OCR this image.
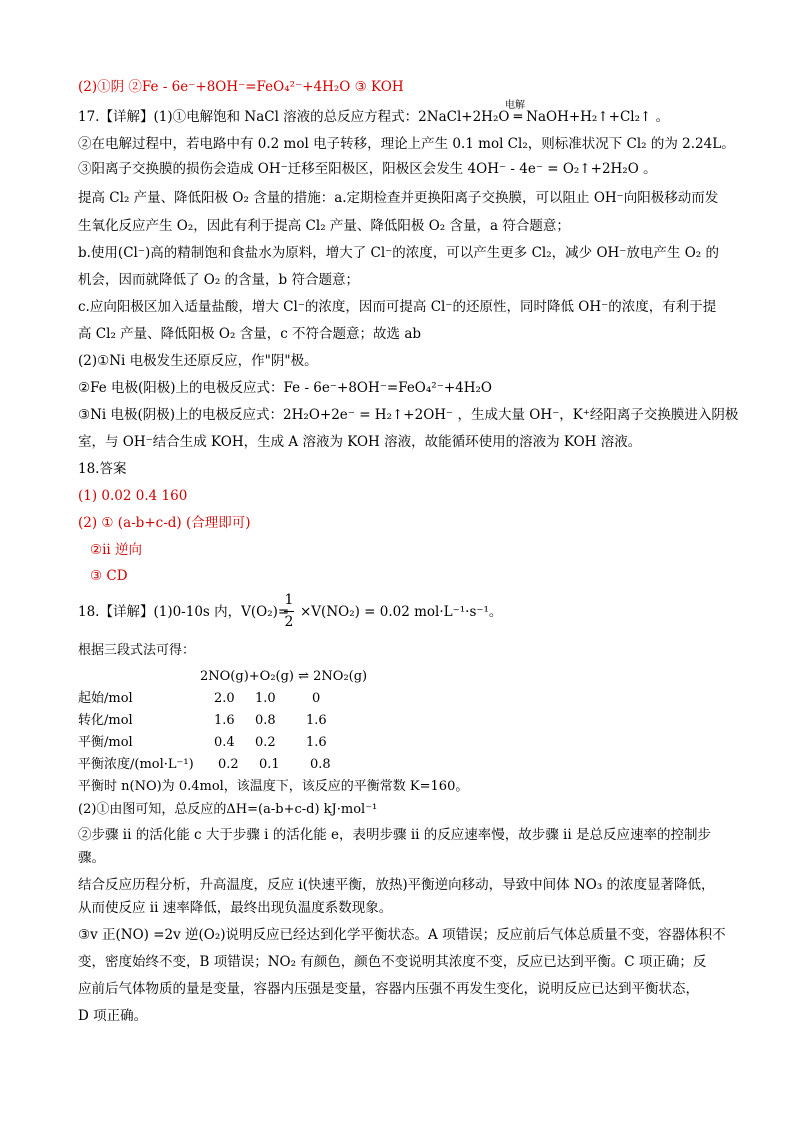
(2)①阴 ②Fe - 6e⁻+8OH⁻=FeO₄²⁻+4H₂O ③ KOH
17.【详解】(1)①电解饱和 NaCl 溶液的总反应方程式：2NaCl+2H₂O ═ NaOH+H₂↑+Cl₂↑ 。
电解
②在电解过程中，若电路中有 0.2 mol 电子转移，理论上产生 0.1 mol Cl₂，则标准状况下 Cl₂ 的为 2.24L。
③阳离子交换膜的损伤会造成 OH⁻迁移至阳极区，阳极区会发生 4OH⁻ - 4e⁻ = O₂↑+2H₂O 。
提高 Cl₂ 产量、降低阳极 O₂ 含量的措施：a.定期检查并更换阳离子交换膜，可以阻止 OH⁻向阳极移动而发
生氧化反应产生 O₂，因此有利于提高 Cl₂ 产量、降低阳极 O₂ 含量，a 符合题意；
b.使用(Cl⁻)高的精制饱和食盐水为原料，增大了 Cl⁻的浓度，可以产生更多 Cl₂，减少 OH⁻放电产生 O₂ 的
机会，因而就降低了 O₂ 的含量，b 符合题意；
c.应向阳极区加入适量盐酸，增大 Cl⁻的浓度，因而可提高 Cl⁻的还原性，同时降低 OH⁻的浓度，有利于提
高 Cl₂ 产量、降低阳极 O₂ 含量，c 不符合题意；故选 ab
(2)①Ni 电极发生还原反应，作"阴"极。
②Fe 电极(阳极)上的电极反应式：Fe - 6e⁻+8OH⁻=FeO₄²⁻+4H₂O
③Ni 电极(阴极)上的电极反应式：2H₂O+2e⁻ = H₂↑+2OH⁻ ，生成大量 OH⁻，K⁺经阳离子交换膜进入阴极
室，与 OH⁻结合生成 KOH，生成 A 溶液为 KOH 溶液，故能循环使用的溶液为 KOH 溶液。
18.答案
(1) 0.02 0.4 160
(2) ① (a-b+c-d) (合理即可)
②ii 逆向
③ CD
18.【详解】(1)0-10s 内，V(O₂)=
1
2
×V(NO₂) = 0.02 mol·L⁻¹·s⁻¹。
根据三段式法可得：
2NO(g)+O₂(g) ⇌ 2NO₂(g)
起始/mol	2.0 1.0	0
转化/mol	1.6 0.8 1.6
平衡/mol	0.4 0.2 1.6
平衡浓度/(mol·L⁻¹) 0.2 0.1 0.8
平衡时 n(NO)为 0.4mol，该温度下，该反应的平衡常数 K=160。
(2)①由图可知，总反应的ΔH=(a-b+c-d) kJ·mol⁻¹
②步骤 ii 的活化能 c 大于步骤 i 的活化能 e，表明步骤 ii 的反应速率慢，故步骤 ii 是总反应速率的控制步
骤。
结合反应历程分析，升高温度，反应 i(快速平衡，放热)平衡逆向移动，导致中间体 NO₃ 的浓度显著降低，
从而使反应 ii 速率降低，最终出现负温度系数现象。
③v 正(NO) =2v 逆(O₂)说明反应已经达到化学平衡状态。A 项错误；反应前后气体总质量不变，容器体积不
变，密度始终不变，B 项错误；NO₂ 有颜色，颜色不变说明其浓度不变，反应已达到平衡。C 项正确；反
应前后气体物质的量是变量，容器内压强是变量，容器内压强不再发生变化，说明反应已达到平衡状态，
D 项正确。
